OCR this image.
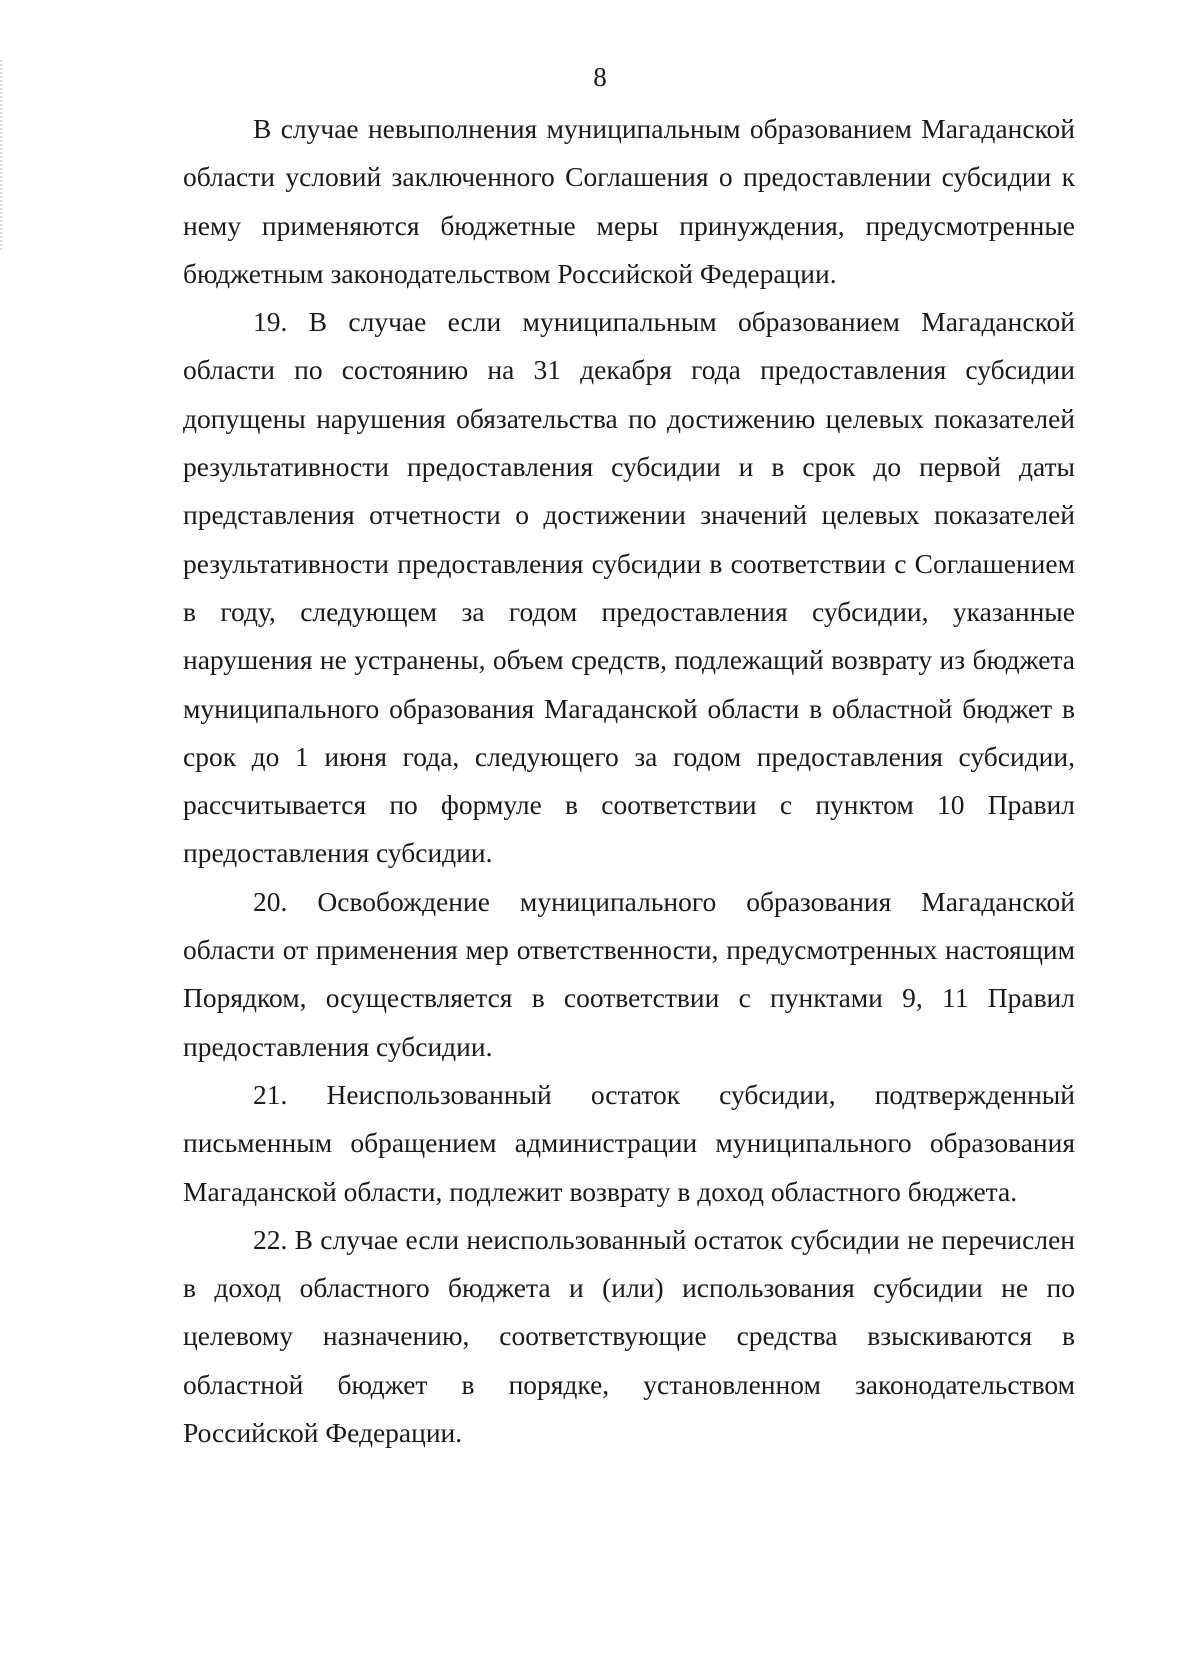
8

В случае невыполнения муниципальным образованием Магаданской области условий заключенного Соглашения о предоставлении субсидии к нему применяются бюджетные меры принуждения, предусмотренные бюджетным законодательством Российской Федерации.

19. В случае если муниципальным образованием Магаданской области по состоянию на 31 декабря года предоставления субсидии допущены нарушения обязательства по достижению целевых показателей результативности предоставления субсидии и в срок до первой даты представления отчетности о достижении значений целевых показателей результативности предоставления субсидии в соответствии с Соглашением в году, следующем за годом предоставления субсидии, указанные нарушения не устранены, объем средств, подлежащий возврату из бюджета муниципального образования Магаданской области в областной бюджет в срок до 1 июня года, следующего за годом предоставления субсидии, рассчитывается по формуле в соответствии с пунктом 10 Правил предоставления субсидии.

20. Освобождение муниципального образования Магаданской области от применения мер ответственности, предусмотренных настоящим Порядком, осуществляется в соответствии с пунктами 9, 11 Правил предоставления субсидии.

21. Неиспользованный остаток субсидии, подтвержденный письменным обращением администрации муниципального образования Магаданской области, подлежит возврату в доход областного бюджета.

22. В случае если неиспользованный остаток субсидии не перечислен в доход областного бюджета и (или) использования субсидии не по целевому назначению, соответствующие средства взыскиваются в областной бюджет в порядке, установленном законодательством Российской Федерации.
